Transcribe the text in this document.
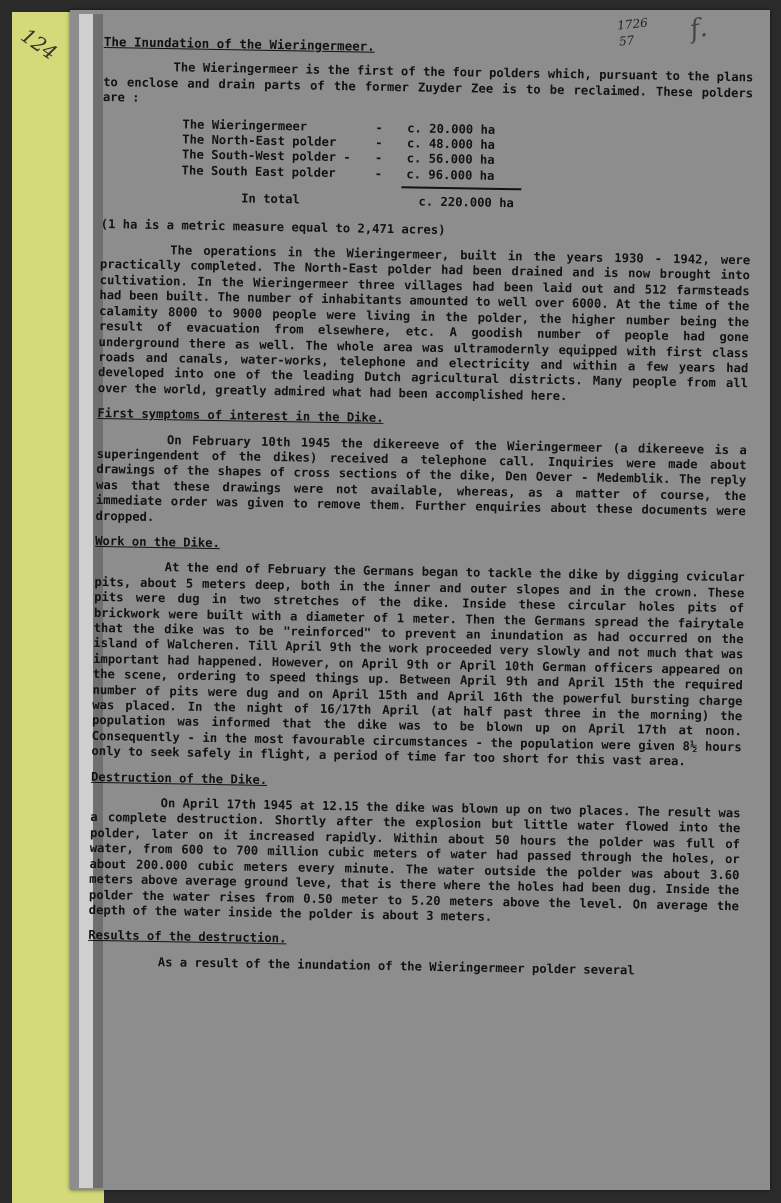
124	1726
57	f.

The Inundation of the Wieringermeer.

The Wieringermeer is the first of the four polders which, pursuant to the plans to enclose and drain parts of the former Zuyder Zee is to be reclaimed. These polders are :

The Wieringermeer	-	c. 20.000 ha
The North-East polder	-	c. 48.000 ha
The South-West polder -	-	c. 56.000 ha
The South East polder	-	c. 96.000 ha
In total	c. 220.000 ha

(1 ha is a metric measure equal to 2,471 acres)

The operations in the Wieringermeer, built in the years 1930 - 1942, were practically completed. The North-East polder had been drained and is now brought into cultivation. In the Wieringermeer three villages had been laid out and 512 farmsteads had been built. The number of inhabitants amounted to well over 6000. At the time of the calamity 8000 to 9000 people were living in the polder, the higher number being the result of evacuation from elsewhere, etc. A goodish number of people had gone underground there as well. The whole area was ultramodernly equipped with first class roads and canals, water-works, telephone and electricity and within a few years had developed into one of the leading Dutch agricultural districts. Many people from all over the world, greatly admired what had been accomplished here.

First symptoms of interest in the Dike.

On February 10th 1945 the dikereeve of the Wieringermeer (a dikereeve is a superingendent of the dikes) received a telephone call. Inquiries were made about drawings of the shapes of cross sections of the dike, Den Oever - Medemblik. The reply was that these drawings were not available, whereas, as a matter of course, the immediate order was given to remove them. Further enquiries about these documents were dropped.

Work on the Dike.

At the end of February the Germans began to tackle the dike by digging cvicular pits, about 5 meters deep, both in the inner and outer slopes and in the crown. These pits were dug in two stretches of the dike. Inside these circular holes pits of brickwork were built with a diameter of 1 meter. Then the Germans spread the fairytale that the dike was to be "reinforced" to prevent an inundation as had occurred on the island of Walcheren. Till April 9th the work proceeded very slowly and not much that was important had happened. However, on April 9th or April 10th German officers appeared on the scene, ordering to speed things up. Between April 9th and April 15th the required number of pits were dug and on April 15th and April 16th the powerful bursting charge was placed. In the night of 16/17th April (at half past three in the morning) the population was informed that the dike was to be blown up on April 17th at noon. Consequently - in the most favourable circumstances - the population were given 8½ hours only to seek safely in flight, a period of time far too short for this vast area.

Destruction of the Dike.

On April 17th 1945 at 12.15 the dike was blown up on two places. The result was a complete destruction. Shortly after the explosion but little water flowed into the polder, later on it increased rapidly. Within about 50 hours the polder was full of water, from 600 to 700 million cubic meters of water had passed through the holes, or about 200.000 cubic meters every minute. The water outside the polder was about 3.60 meters above average ground leve, that is there where the holes had been dug. Inside the polder the water rises from 0.50 meter to 5.20 meters above the level. On average the depth of the water inside the polder is about 3 meters.

Results of the destruction.

As a result of the inundation of the Wieringermeer polder several
